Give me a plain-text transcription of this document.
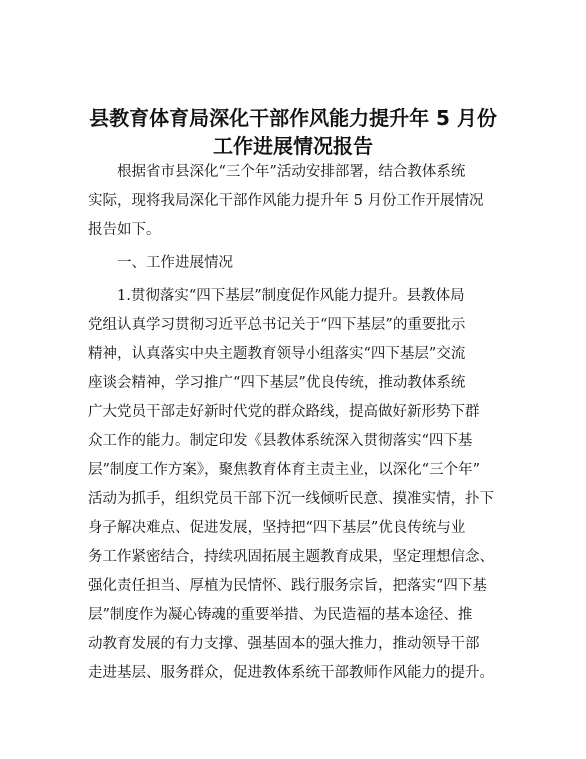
县教育体育局深化干部作风能力提升年 5 月份
工作进展情况报告

　　根据省市县深化“三个年”活动安排部署，结合教体系统
实际，现将我局深化干部作风能力提升年 5 月份工作开展情况
报告如下。

　　一、工作进展情况

　　1.贯彻落实“四下基层”制度促作风能力提升。县教体局
党组认真学习贯彻习近平总书记关于“四下基层”的重要批示
精神，认真落实中央主题教育领导小组落实“四下基层”交流
座谈会精神，学习推广“四下基层”优良传统，推动教体系统
广大党员干部走好新时代党的群众路线，提高做好新形势下群
众工作的能力。制定印发《县教体系统深入贯彻落实“四下基
层”制度工作方案》，聚焦教育体育主责主业，以深化“三个年”
活动为抓手，组织党员干部下沉一线倾听民意、摸准实情，扑下
身子解决难点、促进发展，坚持把“四下基层”优良传统与业
务工作紧密结合，持续巩固拓展主题教育成果，坚定理想信念、
强化责任担当、厚植为民情怀、践行服务宗旨，把落实“四下基
层”制度作为凝心铸魂的重要举措、为民造福的基本途径、推
动教育发展的有力支撑、强基固本的强大推力，推动领导干部
走进基层、服务群众，促进教体系统干部教师作风能力的提升。
